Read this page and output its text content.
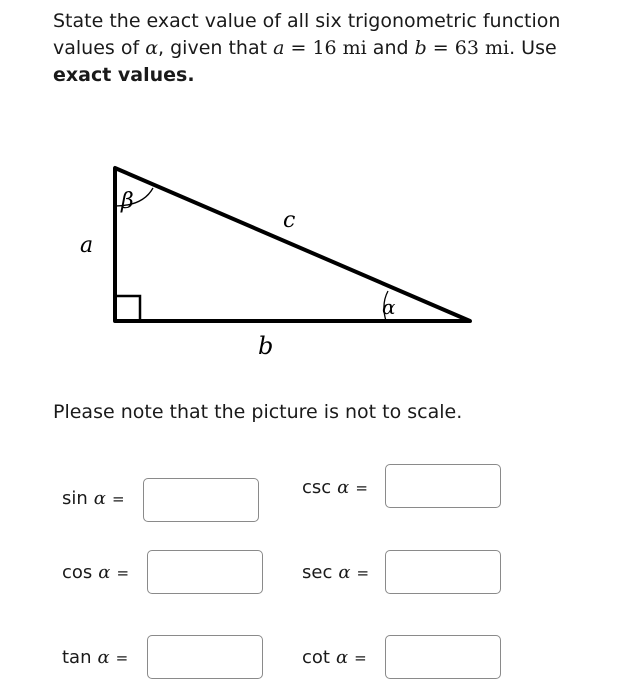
State the exact value of all six trigonometric function
values of α, given that a = 16 mi and b = 63 mi. Use
exact values.
a
b
c
β
α
Please note that the picture is not to scale.
sin α =
csc α =
cos α =	sec α =
tan α =	cot α =
